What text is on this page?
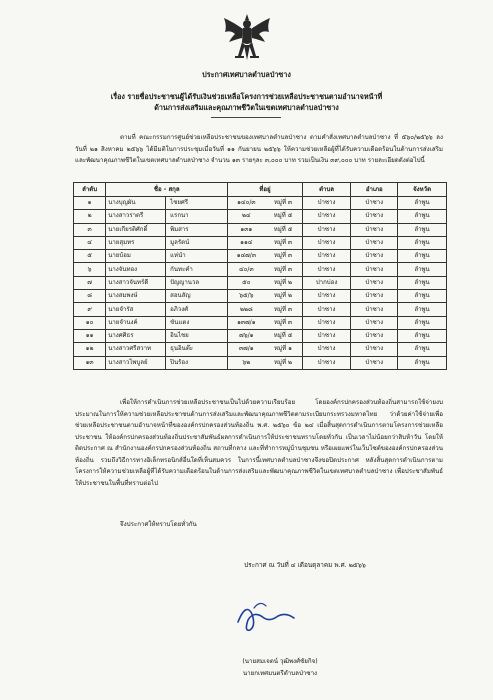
ประกาศเทศบาลตำบลป่าซาง
เรื่อง รายชื่อประชาชนผู้ได้รับเงินช่วยเหลือโครงการช่วยเหลือประชาชนตามอำนาจหน้าที่
ด้านการส่งเสริมและคุณภาพชีวิตในเขตเทศบาลตำบลป่าซาง
ตามที่ คณะกรรมการศูนย์ช่วยเหลือประชาชนของเทศบาลตำบลป่าซาง ตามคำสั่งเทศบาลตำบลป่าซาง ที่ ๕๖๐/๒๕๖๖ ลงวันที่ ๒๑ สิงหาคม ๒๕๖๖ ได้มีมติในการประชุมเมื่อวันที่ ๑๑ กันยายน ๒๕๖๖ ให้ความช่วยเหลือผู้ที่ได้รับความเดือดร้อนในด้านการส่งเสริมและพัฒนาคุณภาพชีวิตในเขตเทศบาลตำบลป่าซาง จำนวน ๑๓ รายๆละ ๓,๐๐๐ บาท รวมเป็นเงิน ๓๙,๐๐๐ บาท รายละเอียดดังต่อไปนี้
ลำดับ	ชื่อ - สกุล		ที่อยู่		ตำบล	อำเภอ	จังหวัด
๑	นางบุญผัน	ไชยศรี	๑๔๐/๓	หมู่ที่ ๓	ป่าซาง	ป่าซาง	ลำพูน
๒	นางสาวราตรี	แรกนา	๒๔	หมู่ที่ ๕	ป่าซาง	ป่าซาง	ลำพูน
๓	นายเกียรติศักดิ์	พิมสาร	๑๓๑	หมู่ที่ ๕	ป่าซาง	ป่าซาง	ลำพูน
๔	นายสุมทร	มูลรัตน์	๑๑๔	หมู่ที่ ๓	ป่าซาง	ป่าซาง	ลำพูน
๕	นายบ้อม	แห่นำ	๑๔๗/๓	หมู่ที่ ๓	ป่าซาง	ป่าซาง	ลำพูน
๖	นางจันทอง	กันทะคำ	๔๐/๓	หมู่ที่ ๓	ป่าซาง	ป่าซาง	ลำพูน
๗	นางสาวจันทร์ดี	ปัญญานวล	๕๐	หมู่ที่ ๒	ปากบ่อง	ป่าซาง	ลำพูน
๘	นางสมพงษ์	สอนสัญ	๖๕/๖	หมู่ที่ ๒	ป่าซาง	ป่าซาง	ลำพูน
๙	นายจำรัส	อภิวงศ์	๒๒๘	หมู่ที่ ๓	ป่าซาง	ป่าซาง	ลำพูน
๑๐	นายจำนงค์	ขันแตง	๑๓๗/๑	หมู่ที่ ๓	ป่าซาง	ป่าซาง	ลำพูน
๑๑	นางศศิธร	อินไชย	๗๖/๑	หมู่ที่ ๕	ป่าซาง	ป่าซาง	ลำพูน
๑๒	นางสาวศรีสวาท	ธุนอินต๊ะ	๓๗/๑	หมู่ที่ ๑	ป่าซาง	ป่าซาง	ลำพูน
๑๓	นางสาวไพบูลย์	ปินร้อง	๖๒	หมู่ที่ ๒	ป่าซาง	ป่าซาง	ลำพูน
เพื่อให้การดำเนินการช่วยเหลือประชาชนเป็นไปด้วยความเรียบร้อย โดยองค์กรปกครองส่วนท้องถิ่นสามารถใช้จ่ายงบประมาณในการให้ความช่วยเหลือประชาชนด้านการส่งเสริมและพัฒนาคุณภาพชีวิตตามระเบียบกระทรวงมหาดไทย ว่าด้วยค่าใช้จ่ายเพื่อช่วยเหลือประชาชนตามอำนาจหน้าที่ขององค์กรปกครองส่วนท้องถิ่น พ.ศ. ๒๕๖๐ ข้อ ๒๔ เมื่อสิ้นสุดการดำเนินการตามโครงการช่วยเหลือประชาชน ให้องค์กรปกครองส่วนท้องถิ่นประชาสัมพันธ์ผลการดำเนินการให้ประชาชนทราบโดยทั่วกัน เป็นเวลาไม่น้อยกว่าสิบห้าวัน โดยให้ติดประกาศ ณ สำนักงานองค์กรปกครองส่วนท้องถิ่น สถานที่กลาง และที่ทำการหมู่บ้านชุมชน หรือเผยแพร่ในเว็บไซต์ขององค์กรปกครองส่วนท้องถิ่น รวมถึงวิธีการทางอิเล็กทรอนิกส์อื่นใดที่เห็นสมควร ในการนี้เทศบาลตำบลป่าซางจึงขอปิดประกาศ หลังสิ้นสุดการดำเนินการตามโครงการให้ความช่วยเหลือผู้ที่ได้รับความเดือดร้อนในด้านการส่งเสริมและพัฒนาคุณภาพชีวิตในเขตเทศบาลตำบลป่าซาง เพื่อประชาสัมพันธ์ให้ประชาชนในพื้นที่ทราบต่อไป
จึงประกาศให้ทราบโดยทั่วกัน
ประกาศ ณ วันที่ ๔ เดือนตุลาคม พ.ศ. ๒๕๖๖
(นายสมเจตน์ วุฒิพงศ์ชัยกิจ)
นายกเทศมนตรีตำบลป่าซาง
